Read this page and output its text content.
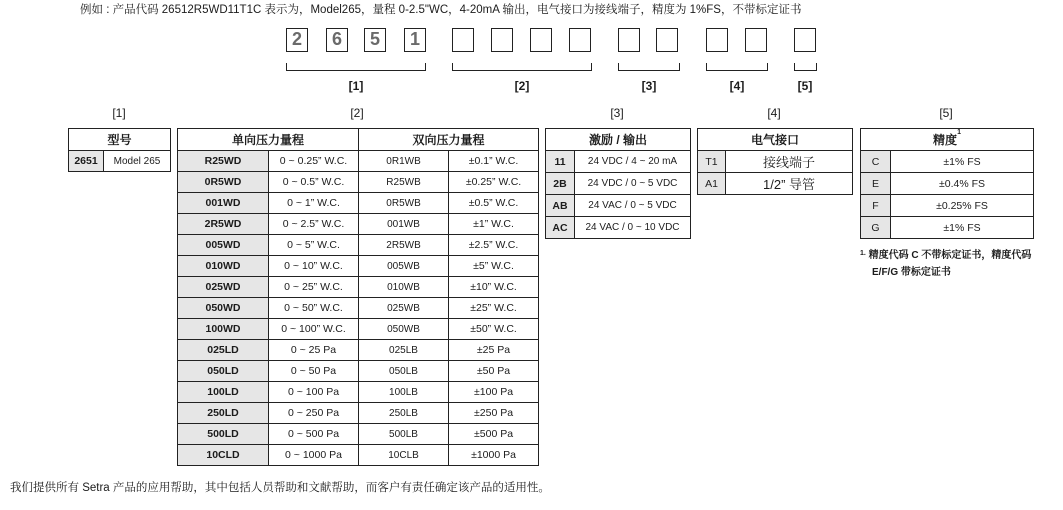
例如 : 产品代码 26512R5WD11T1C 表示为，Model265，量程 0-2.5"WC，4-20mA 输出，电气接口为接线端子，精度为 1%FS，不带标定证书
2	6	5	1
[1]	[2]	[3]	[4]	[5]
[1]	[2]	[3]	[4]	[5]
型号
2651	Model 265
单向压力量程		双向压力量程	
R25WD	0 ~ 0.25” W.C.	0R1WB	±0.1” W.C.
0R5WD	0 ~ 0.5” W.C.	R25WB	±0.25” W.C.
001WD	0 ~ 1” W.C.	0R5WB	±0.5” W.C.
2R5WD	0 ~ 2.5” W.C.	001WB	±1” W.C.
005WD	0 ~ 5” W.C.	2R5WB	±2.5” W.C.
010WD	0 ~ 10” W.C.	005WB	±5” W.C.
025WD	0 ~ 25” W.C.	010WB	±10” W.C.
050WD	0 ~ 50” W.C.	025WB	±25” W.C.
100WD	0 ~ 100” W.C.	050WB	±50” W.C.
025LD	0 ~ 25 Pa	025LB	±25 Pa
050LD	0 ~ 50 Pa	050LB	±50 Pa
100LD	0 ~ 100 Pa	100LB	±100 Pa
250LD	0 ~ 250 Pa	250LB	±250 Pa
500LD	0 ~ 500 Pa	500LB	±500 Pa
10CLD	0 ~ 1000 Pa	10CLB	±1000 Pa
激励 / 输出	
11	24 VDC / 4 ~ 20 mA
2B	24 VDC / 0 ~ 5 VDC
AB	24 VAC / 0 ~ 5 VDC
AC	24 VAC / 0 ~ 10 VDC
电气接口	
T1	接线端子
A1	1/2” 导管
精度$^1$
C	±1% FS
E	±0.4% FS
F	±0.25% FS
G	±1% FS
$^{1.}$ 精度代码 C 不带标定证书，精度代码 E/F/G 带标定证书
我们提供所有 Setra 产品的应用帮助，其中包括人员帮助和文献帮助，而客户有责任确定该产品的适用性。
